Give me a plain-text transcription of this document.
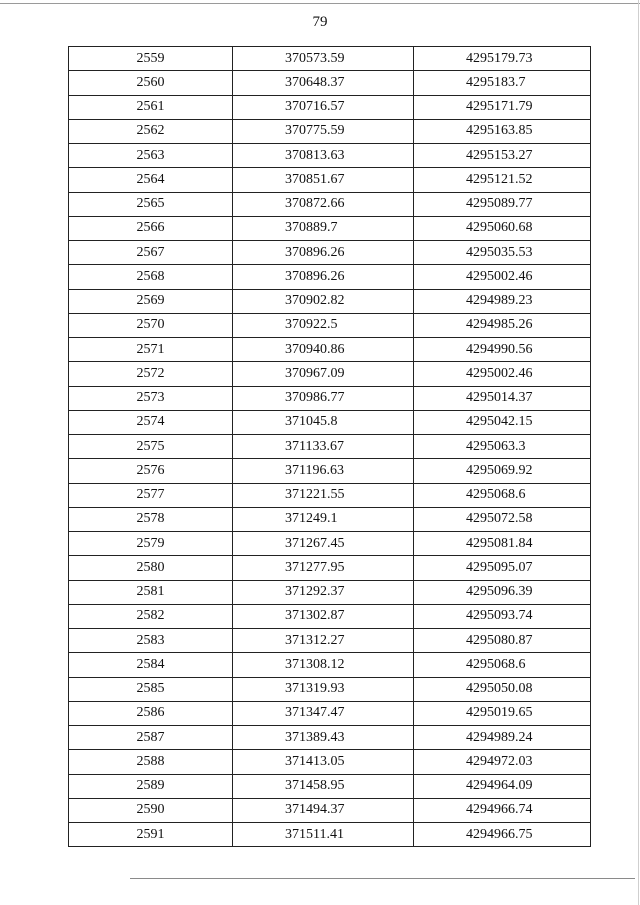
79
2559	370573.59	4295179.73
2560	370648.37	4295183.7
2561	370716.57	4295171.79
2562	370775.59	4295163.85
2563	370813.63	4295153.27
2564	370851.67	4295121.52
2565	370872.66	4295089.77
2566	370889.7	4295060.68
2567	370896.26	4295035.53
2568	370896.26	4295002.46
2569	370902.82	4294989.23
2570	370922.5	4294985.26
2571	370940.86	4294990.56
2572	370967.09	4295002.46
2573	370986.77	4295014.37
2574	371045.8	4295042.15
2575	371133.67	4295063.3
2576	371196.63	4295069.92
2577	371221.55	4295068.6
2578	371249.1	4295072.58
2579	371267.45	4295081.84
2580	371277.95	4295095.07
2581	371292.37	4295096.39
2582	371302.87	4295093.74
2583	371312.27	4295080.87
2584	371308.12	4295068.6
2585	371319.93	4295050.08
2586	371347.47	4295019.65
2587	371389.43	4294989.24
2588	371413.05	4294972.03
2589	371458.95	4294964.09
2590	371494.37	4294966.74
2591	371511.41	4294966.75
